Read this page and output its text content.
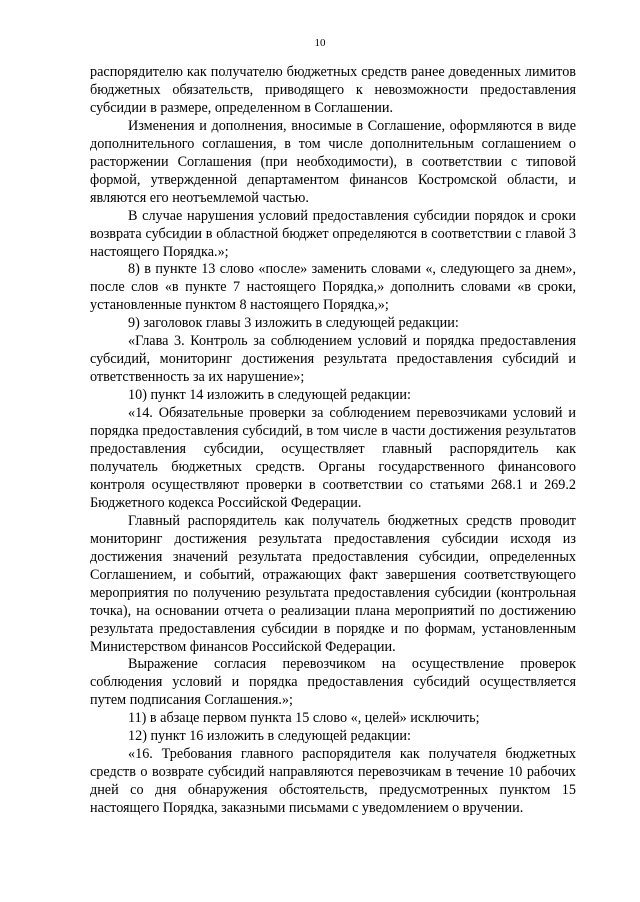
10

распорядителю как получателю бюджетных средств ранее доведенных лимитов бюджетных обязательств, приводящего к невозможности предоставления субсидии в размере, определенном в Соглашении.

Изменения и дополнения, вносимые в Соглашение, оформляются в виде дополнительного соглашения, в том числе дополнительным соглашением о расторжении Соглашения (при необходимости), в соответствии с типовой формой, утвержденной департаментом финансов Костромской области, и являются его неотъемлемой частью.

В случае нарушения условий предоставления субсидии порядок и сроки возврата субсидии в областной бюджет определяются в соответствии с главой 3 настоящего Порядка.»;

8) в пункте 13 слово «после» заменить словами «, следующего за днем», после слов «в пункте 7 настоящего Порядка,» дополнить словами «в сроки, установленные пунктом 8 настоящего Порядка,»;

9) заголовок главы 3 изложить в следующей редакции:

«Глава 3. Контроль за соблюдением условий и порядка предоставления субсидий, мониторинг достижения результата предоставления субсидий и ответственность за их нарушение»;

10) пункт 14 изложить в следующей редакции:

«14. Обязательные проверки за соблюдением перевозчиками условий и порядка предоставления субсидий, в том числе в части достижения результатов предоставления субсидии, осуществляет главный распорядитель как получатель бюджетных средств. Органы государственного финансового контроля осуществляют проверки в соответствии со статьями 268.1 и 269.2 Бюджетного кодекса Российской Федерации.

Главный распорядитель как получатель бюджетных средств проводит мониторинг достижения результата предоставления субсидии исходя из достижения значений результата предоставления субсидии, определенных Соглашением, и событий, отражающих факт завершения соответствующего мероприятия по получению результата предоставления субсидии (контрольная точка), на основании отчета о реализации плана мероприятий по достижению результата предоставления субсидии в порядке и по формам, установленным Министерством финансов Российской Федерации.

Выражение согласия перевозчиком на осуществление проверок соблюдения условий и порядка предоставления субсидий осуществляется путем подписания Соглашения.»;

11) в абзаце первом пункта 15 слово «, целей» исключить;

12) пункт 16 изложить в следующей редакции:

«16. Требования главного распорядителя как получателя бюджетных средств о возврате субсидий направляются перевозчикам в течение 10 рабочих дней со дня обнаружения обстоятельств, предусмотренных пунктом 15 настоящего Порядка, заказными письмами с уведомлением о вручении.
